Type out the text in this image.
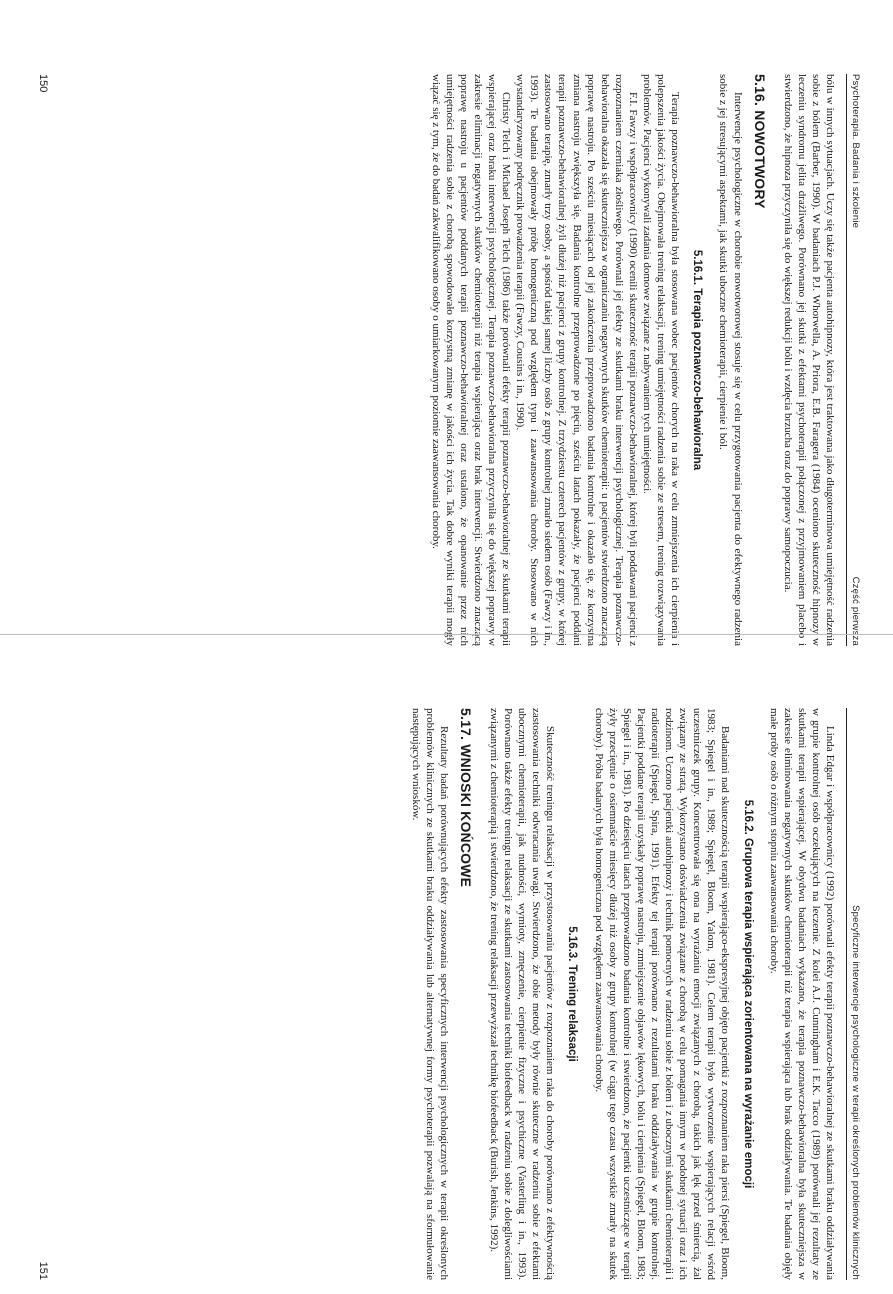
Psychoterapia. Badania i szkolenie
Część pierwsza

bólu w innych sytuacjach. Uczy się także pacjenta autohipnozy, która jest traktowana jako długoterminowa umiejętność radzenia sobie z bólem (Barber, 1990). W badaniach P.J. Whorwella, A. Priora, E.B. Faragera (1984) oceniono skuteczność hipnozy w leczeniu syndromu jelita drażliwego. Porównano jej skutki z efektami psychoterapii połączonej z przyjmowaniem placebo i stwierdzono, że hipnoza przyczyniła się do większej redukcji bólu i wzdęcia brzucha oraz do poprawy samopoczucia.

5.16. NOWOTWORY

Interwencje psychologiczne w chorobie nowotworowej stosuje się w celu przygotowania pacjenta do efektywnego radzenia sobie z jej stresującymi aspektami, jak skutki uboczne chemioterapii, cierpienie i ból.

5.16.1. Terapia poznawczo-behawioralna

Terapia poznawczo-behawioralna była stosowana wobec pacjentów chorych na raka w celu zmniejszenia ich cierpienia i polepszenia jakości życia. Obejmowała trening relaksacji, trening umiejętności radzenia sobie ze stresem, trening rozwiązywania problemów. Pacjenci wykonywali zadania domowe związane z nabywaniem tych umiejętności.

F.I. Fawzy i współpracownicy (1990) ocenili skuteczność terapii poznawczo-behawioralnej, której byli poddawani pacjenci z rozpoznaniem czerniaka złośliwego. Porównali jej efekty ze skutkami braku interwencji psychologicznej. Terapia poznawczo-behawioralna okazała się skuteczniejsza w ograniczaniu negatywnych skutków chemioterapii: u pacjentów stwierdzono znaczącą poprawę nastroju. Po sześciu miesiącach od jej zakończenia przeprowadzono badania kontrolne i okazało się, że korzystna zmiana nastroju zwiększyła się. Badania kontrolne przeprowadzone po pięciu, sześciu latach pokazały, że pacjenci poddani terapii poznawczo-behawioralnej żyli dłużej niż pacjenci z grupy kontrolnej. Z trzydziestu czterech pacjentów z grupy, w której zastosowano terapię, zmarły trzy osoby, a spośród takiej samej liczby osób z grupy kontrolnej zmarło siedem osób (Fawzy i in., 1993). Te badania obejmowały próbę homogeniczną pod względem typu i zaawansowania choroby. Stosowano w nich wystandaryzowany podręcznik prowadzenia terapii (Fawzy, Cousins i in., 1990).

Christy Telch i Michael Joseph Telch (1986) także porównali efekty terapii poznawczo-behawioralnej ze skutkami terapii wspierającej oraz braku interwencji psychologicznej. Terapia poznawczo-behawioralna przyczyniła się do większej poprawy w zakresie eliminacji negatywnych skutków chemioterapii niż terapia wspierająca oraz brak interwencji. Stwierdzono znaczącą poprawę nastroju u pacjentów poddanych terapii poznawczo-behawioralnej oraz ustalono, że opanowanie przez nich umiejętności radzenia sobie z chorobą spowodowało korzystną zmianę w jakości ich życia. Tak dobre wyniki terapii mogły wiązać się z tym, że do badań zakwalifikowano osoby o umiarkowanym poziomie zaawansowania choroby.

150
Specyficzne interwencje psychologiczne w terapii określonych problemów klinicznych

Linda Edgar i współpracownicy (1992) porównali efekty terapii poznawczo-behawioralnej ze skutkami braku oddziaływania w grupie kontrolnej osób oczekujących na leczenie. Z kolei A.J. Cunningham i E.K. Tacco (1989) porównali jej rezultaty ze skutkami terapii wspierającej. W obydwu badaniach wykazano, że terapia poznawczo-behawioralna była skuteczniejsza w zakresie eliminowania negatywnych skutków chemioterapii niż terapia wspierająca lub brak oddziaływania. Te badania objęły małe próby osób o różnym stopniu zaawansowania choroby.

5.16.2. Grupowa terapia wspierająca zorientowana na wyrażanie emocji

Badaniami nad skutecznością terapii wspierająco-ekspresyjnej objęto pacjentki z rozpoznaniem raka piersi (Spiegel, Bloom, 1983; Spiegel i in., 1989; Spiegel, Bloom, Yalom, 1981). Celem terapii było wytworzenie wspierających relacji wśród uczestniczek grupy. Koncentrowała się ona na wyrażaniu emocji związanych z chorobą, takich jak lęk przed śmiercią, żal związany ze stratą. Wykorzystano doświadczenia związane z chorobą w celu pomagania innym w podobnej sytuacji oraz i ich rodzinom. Uczono pacjentki autohipnozy i technik pomocnych w radzeniu sobie z bólem i z ubocznymi skutkami chemioterapii i radioterapii (Spiegel, Spira, 1991). Efekty tej terapii porównano z rezultatami braku oddziaływania w grupie kontrolnej. Pacjentki poddane terapii uzyskały poprawę nastroju, zmniejszenie objawów lękowych, bólu i cierpienia (Spiegel, Bloom, 1983; Spiegel i in., 1981). Po dziesięciu latach przeprowadzono badania kontrolne i stwierdzono, że pacjentki uczestniczące w terapii żyły przeciętnie o osiemnaście miesięcy dłużej niż osoby z grupy kontrolnej (w ciągu tego czasu wszystkie zmarły na skutek choroby). Próba badanych była homogeniczna pod względem zaawansowania choroby.

5.16.3. Trening relaksacji

Skuteczność treningu relaksacji w przystosowaniu pacjentów z rozpoznaniem raka do choroby porównano z efektywnością zastosowania techniki odwracania uwagi. Stwierdzono, że obie metody były równie skuteczne w radzeniu sobie z efektami ubocznymi chemioterapii, jak nudności, wymioty, zmęczenie, cierpienie fizyczne i psychiczne (Vasterling i in., 1993). Porównano także efekty treningu relaksacji ze skutkami zastosowania techniki biofeedback w radzeniu sobie z dolegliwościami związanymi z chemioterapią i stwierdzono, że trening relaksacji przewyższał technikę biofeedback (Burish, Jenkins, 1992).

5.17. WNIOSKI KOŃCOWE

Rezultaty badań porównujących efekty zastosowania specyficznych interwencji psychologicznych w terapii określonych problemów klinicznych ze skutkami braku oddziaływania lub alternatywnej formy psychoterapii pozwalają na sformułowanie następujących wniosków.

151
